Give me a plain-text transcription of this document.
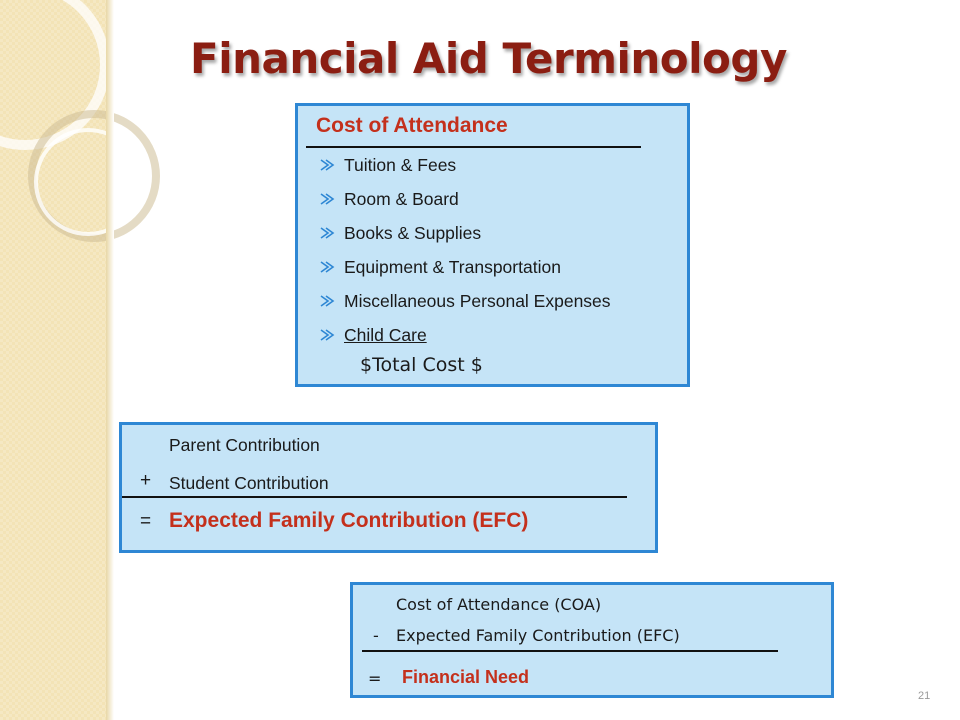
Financial Aid Terminology
Cost of Attendance
Tuition & Fees
Room & Board
Books & Supplies
Equipment & Transportation
Miscellaneous Personal Expenses
Child Care
$Total Cost $
Parent Contribution
+ Student Contribution
= Expected Family Contribution (EFC)
Cost of Attendance (COA)
- Expected Family Contribution (EFC)
= Financial Need
21
